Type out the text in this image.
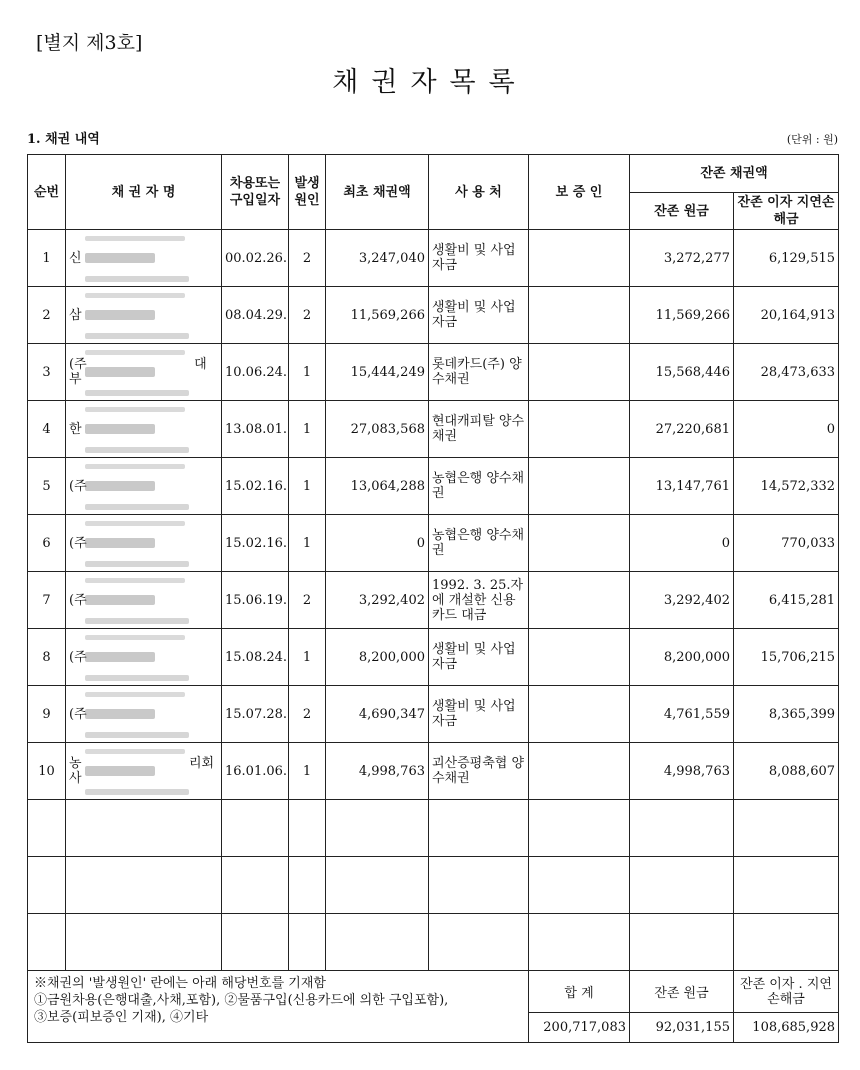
[별지 제3호]
채권자목록
1. 채권 내역	(단위 : 원)
순번	채 권 자 명	차용또는 구입일자	발생 원인	최초 채권액	사 용 처	보 증 인	잔존 채권액	
							잔존 원금	잔존 이자 지연손해금
1	신	00.02.26.	2	3,247,040	생활비 및 사업자금		3,272,277	6,129,515
2	삼	08.04.29.	2	11,569,266	생활비 및 사업자금		11,569,266	20,164,913
3	(주                          대부	10.06.24.	1	15,444,249	롯데카드(주) 양수채권		15,568,446	28,473,633
4	한	13.08.01.	1	27,083,568	현대캐피탈 양수채권		27,220,681	0
5	(주	15.02.16.	1	13,064,288	농협은행 양수채권		13,147,761	14,572,332
6	(주	15.02.16.	1	0	농협은행 양수채권		0	770,033
7	(주	15.06.19.	2	3,292,402	1992. 3. 25.자에 개설한 신용카드 대금		3,292,402	6,415,281
8	(주	15.08.24.	1	8,200,000	생활비 및 사업자금		8,200,000	15,706,215
9	(주	15.07.28.	2	4,690,347	생활비 및 사업자금		4,761,559	8,365,399
10	농                          리회사	16.01.06.	1	4,998,763	괴산증평축협 양수채권		4,998,763	8,088,607

※채권의 '발생원인' 란에는 아래 해당번호를 기재함
①금원차용(은행대출,사채,포함), ②물품구입(신용카드에 의한 구입포함),
③보증(피보증인 기재), ④기타						합 계	잔존 원금	잔존 이자 . 지연손해금
						200,717,083	92,031,155	108,685,928
